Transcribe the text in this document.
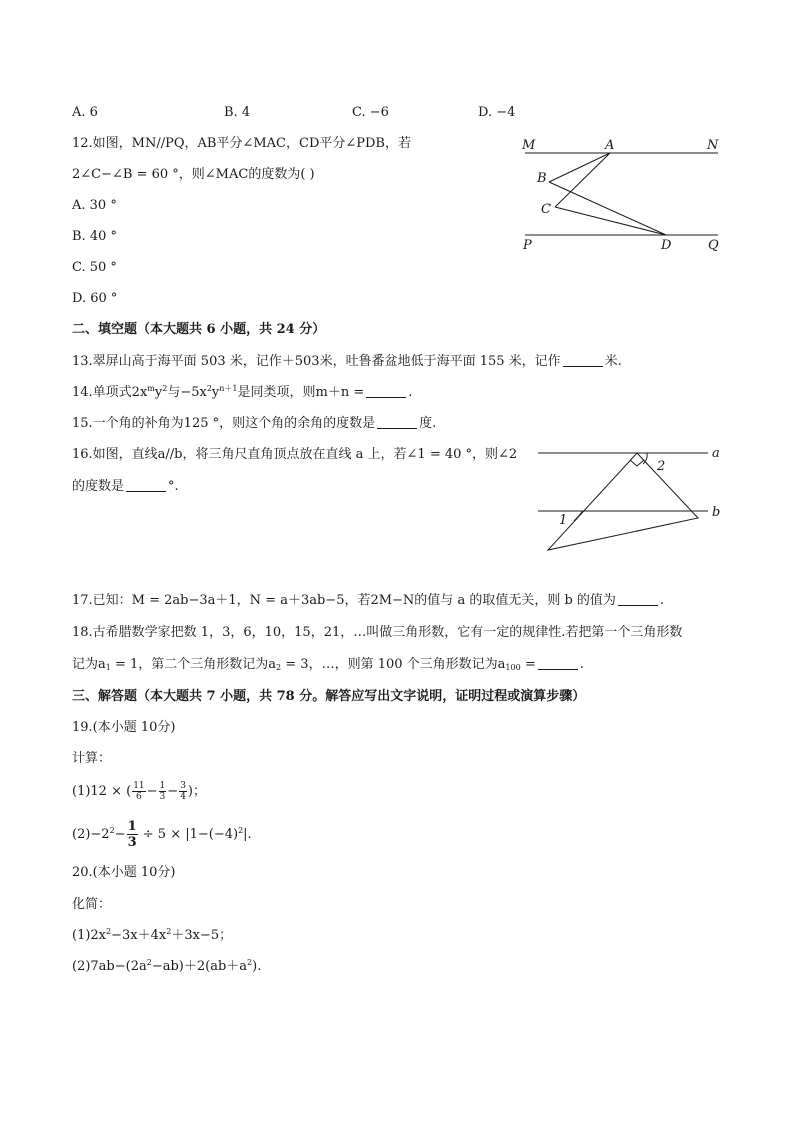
A. 6	B. 4	C. −6	D. −4
12.如图，MN//PQ，AB平分∠MAC，CD平分∠PDB，若
2∠C−∠B = 60 °，则∠MAC的度数为( )
A. 30 °
B. 40 °
C. 50 °
D. 60 °
M	A	N
B
C
P	D	Q
二、填空题（本大题共 6 小题，共 24 分）
13.翠屏山高于海平面 503 米，记作＋503米，吐鲁番盆地低于海平面 155 米，记作	米.
14.单项式$2x^my^2$与$-5x^2y^{n+1}$是同类项，则m＋n =	.
15.一个角的补角为125 °，则这个角的余角的度数是	度.
16.如图，直线a//b，将三角尺直角顶点放在直线 a 上，若∠1 = 40 °，则∠2
的度数是	°.
a
b
1
2
17.已知：M = 2ab−3a＋1，N = a＋3ab−5，若2M−N的值与 a 的取值无关，则 b 的值为	.
18.古希腊数学家把数 1，3，6，10，15，21，…叫做三角形数，它有一定的规律性.若把第一个三角形数
记为$a_1 = 1$，第二个三角形数记为$a_2 = 3$，…，则第 100 个三角形数记为$a_{100}$ =	.
三、解答题（本大题共 7 小题，共 78 分。解答应写出文字说明，证明过程或演算步骤）
19.(本小题 10分)
计算：
(1)12 × ( $\frac{11}{6} - \frac{1}{3} - \frac{3}{4}$ )；
$(2)-2^2- \frac{1}{3} \div 5 \times |1-(-4)^2|$.
20.(本小题 10分)
化简：
$(1)2x^2-3x+4x^2+3x-5$；
$(2)7ab-(2a^2-ab)+2(ab+a^2)$.
